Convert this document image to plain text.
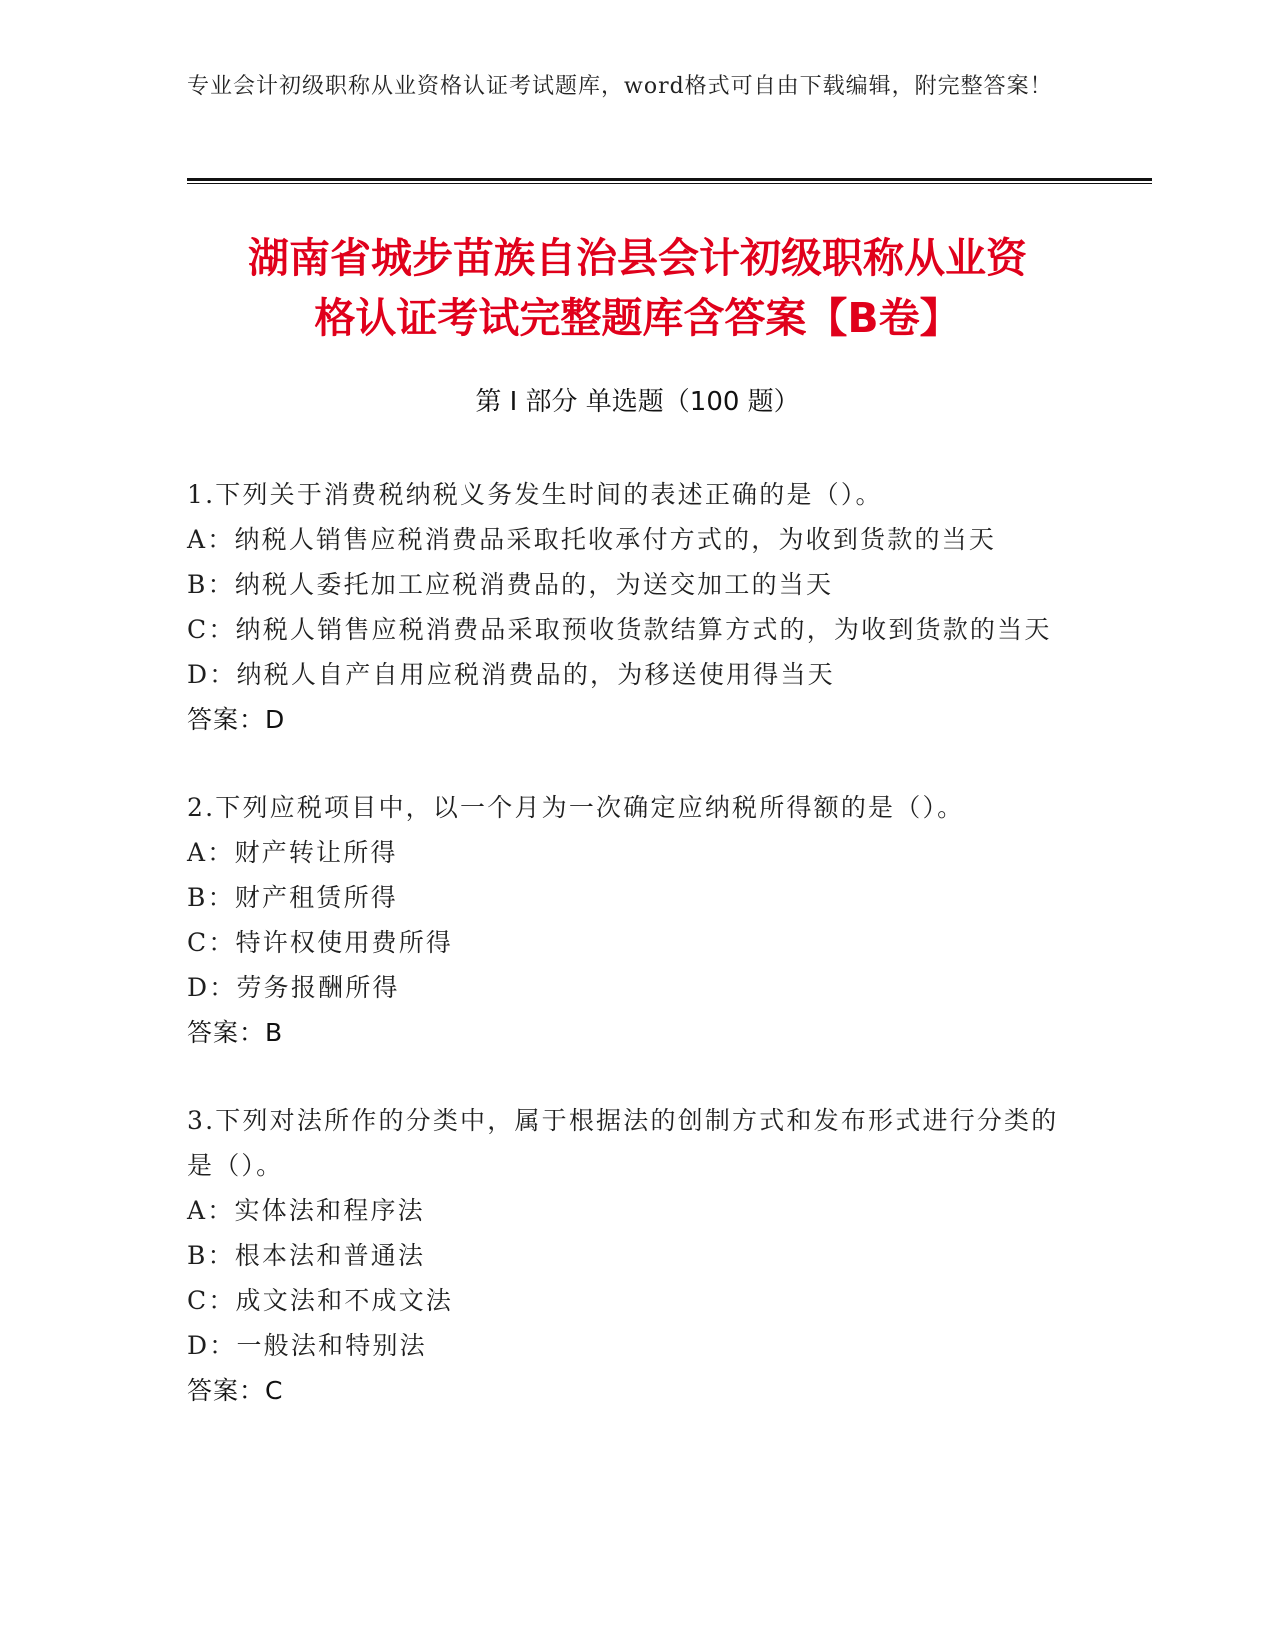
专业会计初级职称从业资格认证考试题库，word格式可自由下载编辑，附完整答案！
湖南省城步苗族自治县会计初级职称从业资
格认证考试完整题库含答案【B卷】
第 I 部分 单选题（100 题）

1.下列关于消费税纳税义务发生时间的表述正确的是（）。

A：纳税人销售应税消费品采取托收承付方式的，为收到货款的当天

B：纳税人委托加工应税消费品的，为送交加工的当天

C：纳税人销售应税消费品采取预收货款结算方式的，为收到货款的当天

D：纳税人自产自用应税消费品的，为移送使用得当天

答案：D

2.下列应税项目中，以一个月为一次确定应纳税所得额的是（）。

A：财产转让所得

B：财产租赁所得

C：特许权使用费所得

D：劳务报酬所得

答案：B

3.下列对法所作的分类中，属于根据法的创制方式和发布形式进行分类的是（）。

A：实体法和程序法

B：根本法和普通法

C：成文法和不成文法

D：一般法和特别法

答案：C
